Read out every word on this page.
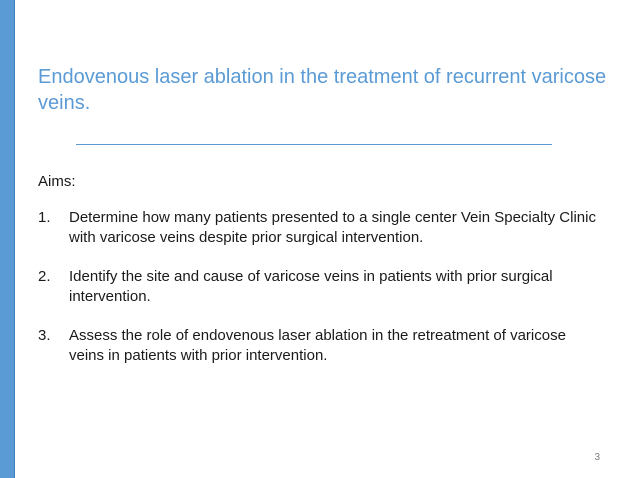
Endovenous laser ablation in the treatment of recurrent varicose veins.
Aims:
1. Determine how many patients presented to a single center Vein Specialty Clinic with varicose veins despite prior surgical intervention.
2. Identify the site and cause of varicose veins in patients with prior surgical intervention.
3. Assess the role of endovenous laser ablation in the retreatment of varicose veins in patients with prior intervention.
3
